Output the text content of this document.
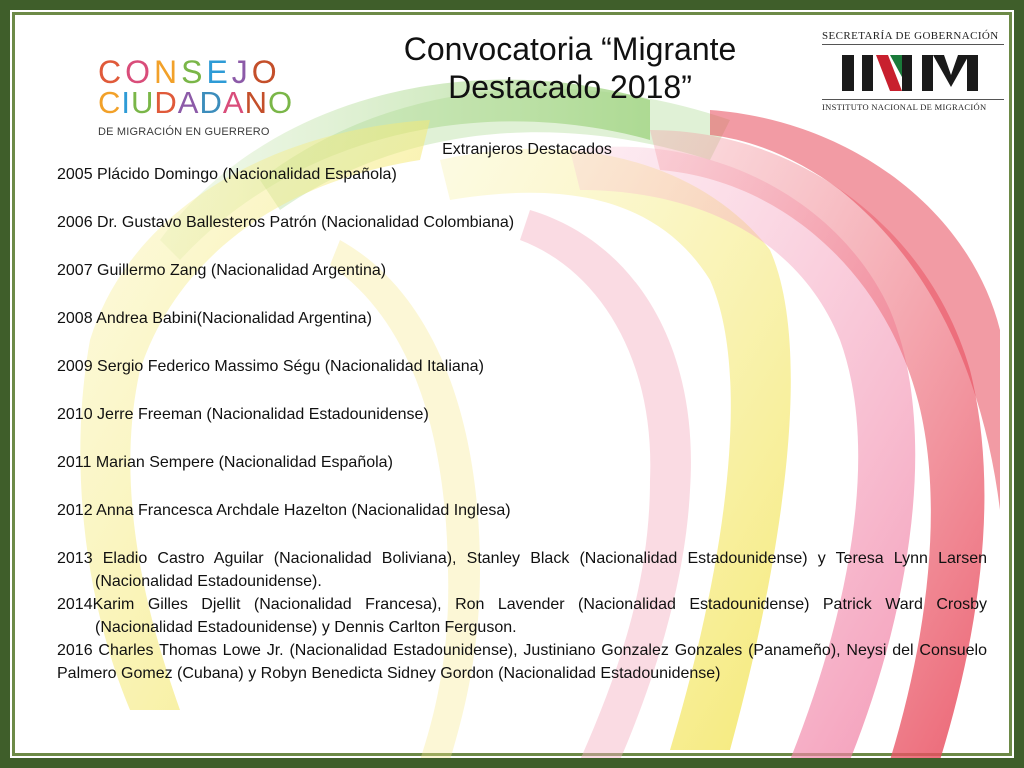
CONSEJO
CIUDADANO
DE MIGRACIÓN EN GUERRERO
Convocatoria “Migrante
Destacado 2018”
SECRETARÍA DE GOBERNACIÓN
INSTITUTO NACIONAL DE MIGRACIÓN
Extranjeros Destacados

2005 Plácido Domingo (Nacionalidad Española)

2006 Dr. Gustavo Ballesteros Patrón (Nacionalidad Colombiana)

2007 Guillermo Zang (Nacionalidad Argentina)

2008 Andrea Babini(Nacionalidad Argentina)

2009 Sergio Federico Massimo Ségu (Nacionalidad Italiana)

2010 Jerre Freeman (Nacionalidad Estadounidense)

2011 Marian Sempere (Nacionalidad Española)

2012 Anna Francesca Archdale Hazelton (Nacionalidad Inglesa)

2013 Eladio Castro Aguilar (Nacionalidad Boliviana), Stanley Black (Nacionalidad Estadounidense) y Teresa Lynn Larsen (Nacionalidad Estadounidense).

2014Karim Gilles Djellit (Nacionalidad Francesa), Ron Lavender (Nacionalidad Estadounidense) Patrick Ward Crosby (Nacionalidad Estadounidense) y Dennis Carlton Ferguson.

2016 Charles Thomas Lowe Jr. (Nacionalidad Estadounidense), Justiniano Gonzalez Gonzales (Panameño), Neysi del Consuelo Palmero Gomez (Cubana) y Robyn Benedicta Sidney Gordon (Nacionalidad Estadounidense)
